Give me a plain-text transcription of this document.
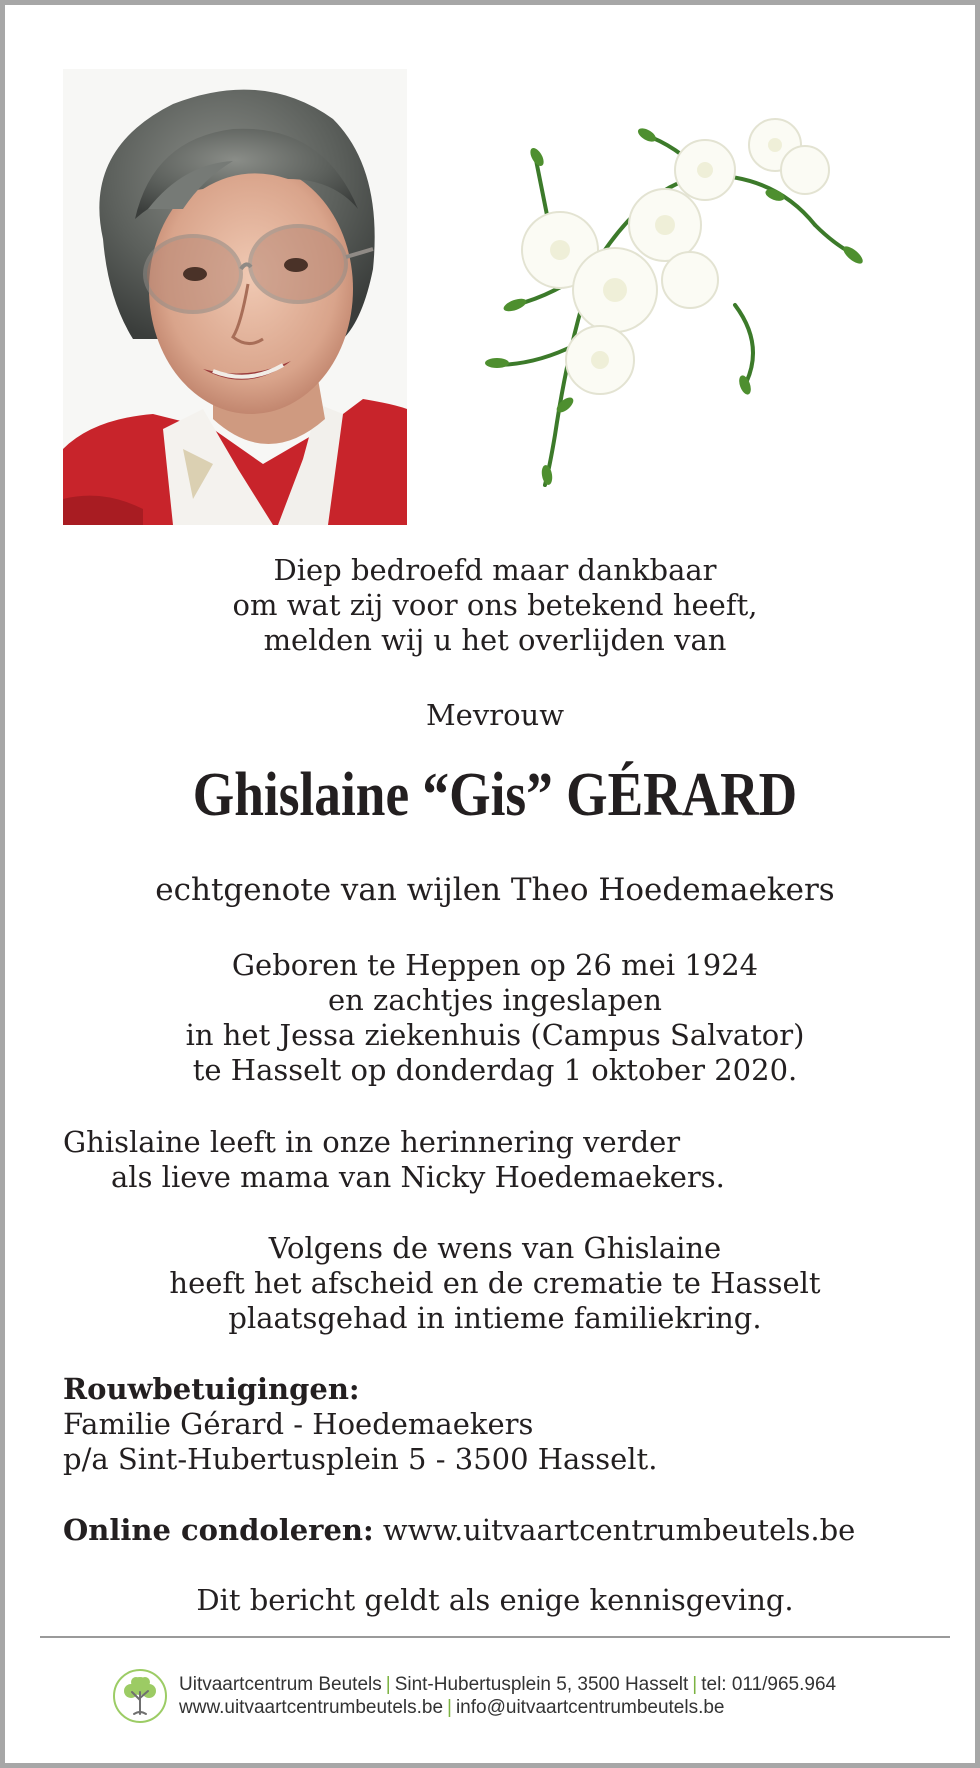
Diep bedroefd maar dankbaar
om wat zij voor ons betekend heeft,
melden wij u het overlijden van
Mevrouw
Ghislaine “Gis” GÉRARD
echtgenote van wijlen Theo Hoedemaekers
Geboren te Heppen op 26 mei 1924
en zachtjes ingeslapen
in het Jessa ziekenhuis (Campus Salvator)
te Hasselt op donderdag 1 oktober 2020.
Ghislaine leeft in onze herinnering verder
als lieve mama van Nicky Hoedemaekers.
Volgens de wens van Ghislaine
heeft het afscheid en de crematie te Hasselt
plaatsgehad in intieme familiekring.
Rouwbetuigingen:
Familie Gérard - Hoedemaekers
p/a Sint-Hubertusplein 5 - 3500 Hasselt.
Online condoleren: www.uitvaartcentrumbeutels.be
Dit bericht geldt als enige kennisgeving.
Uitvaartcentrum Beutels | Sint-Hubertusplein 5, 3500 Hasselt | tel: 011/965.964
www.uitvaartcentrumbeutels.be | info@uitvaartcentrumbeutels.be
